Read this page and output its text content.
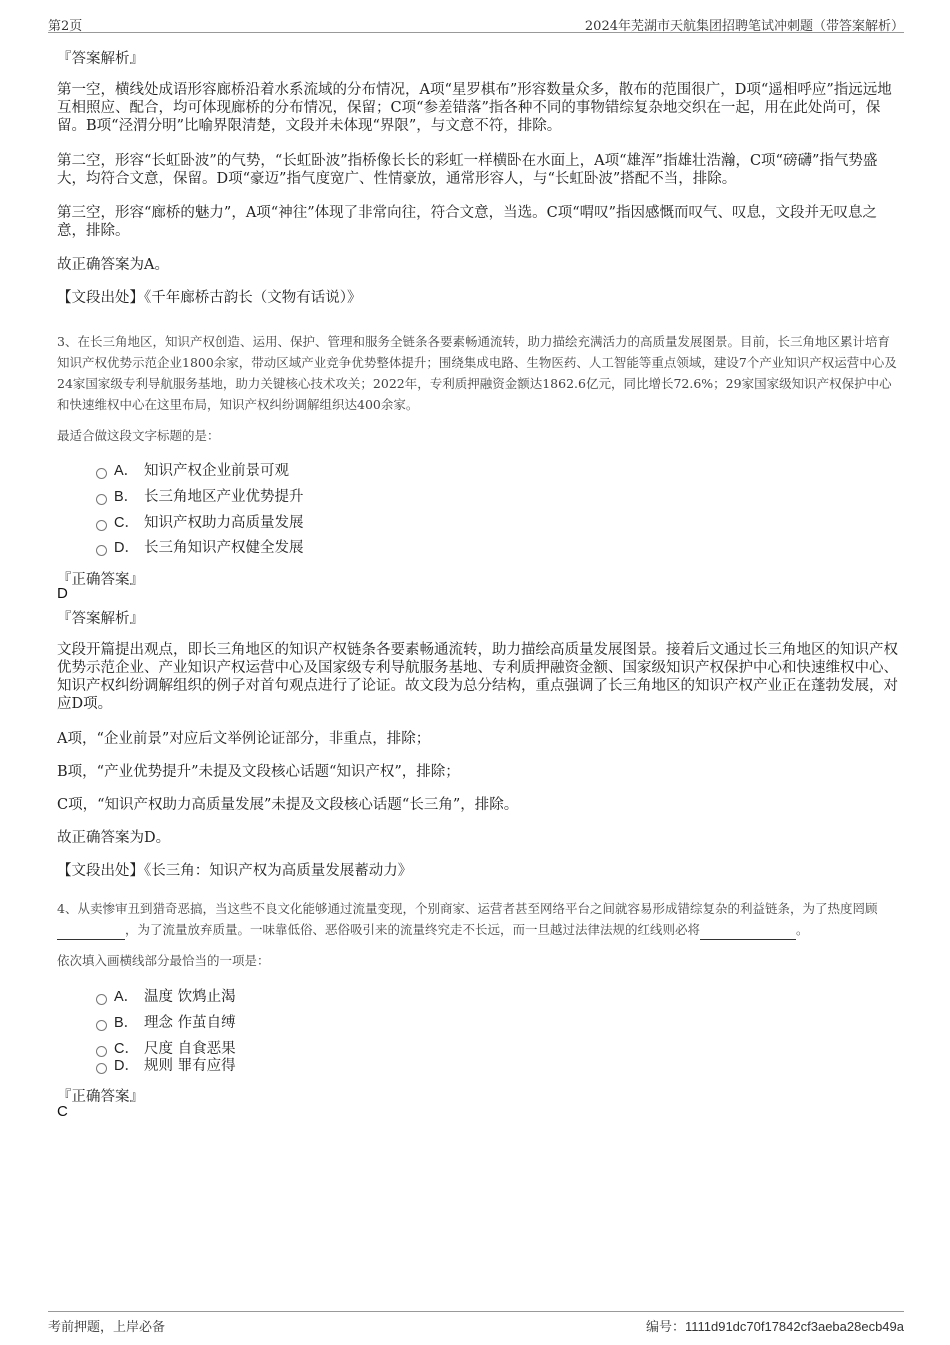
第2页	2024年芜湖市天航集团招聘笔试冲刺题（带答案解析）
『答案解析』

第一空，横线处成语形容廊桥沿着水系流域的分布情况，A项“星罗棋布”形容数量众多，散布的范围很广，D项“遥相呼应”指远远地互相照应、配合，均可体现廊桥的分布情况，保留；C项“参差错落”指各种不同的事物错综复杂地交织在一起，用在此处尚可，保留。B项“泾渭分明”比喻界限清楚，文段并未体现“界限”，与文意不符，排除。

第二空，形容“长虹卧波”的气势，“长虹卧波”指桥像长长的彩虹一样横卧在水面上，A项“雄浑”指雄壮浩瀚，C项“磅礴”指气势盛大，均符合文意，保留。D项“豪迈”指气度宽广、性情豪放，通常形容人，与“长虹卧波”搭配不当，排除。

第三空，形容“廊桥的魅力”，A项“神往”体现了非常向往，符合文意，当选。C项“喟叹”指因感慨而叹气、叹息，文段并无叹息之意，排除。

故正确答案为A。

【文段出处】《千年廊桥古韵长（文物有话说）》

3、在长三角地区，知识产权创造、运用、保护、管理和服务全链条各要素畅通流转，助力描绘充满活力的高质量发展图景。目前，长三角地区累计培育知识产权优势示范企业1800余家，带动区域产业竞争优势整体提升；围绕集成电路、生物医药、人工智能等重点领域，建设7个产业知识产权运营中心及24家国家级专利导航服务基地，助力关键核心技术攻关；2022年，专利质押融资金额达1862.6亿元，同比增长72.6%；29家国家级知识产权保护中心和快速维权中心在这里布局，知识产权纠纷调解组织达400余家。

最适合做这段文字标题的是：

A． 知识产权企业前景可观
B． 长三角地区产业优势提升
C． 知识产权助力高质量发展
D． 长三角知识产权健全发展
『正确答案』
D
『答案解析』

文段开篇提出观点，即长三角地区的知识产权链条各要素畅通流转，助力描绘高质量发展图景。接着后文通过长三角地区的知识产权优势示范企业、产业知识产权运营中心及国家级专利导航服务基地、专利质押融资金额、国家级知识产权保护中心和快速维权中心、知识产权纠纷调解组织的例子对首句观点进行了论证。故文段为总分结构，重点强调了长三角地区的知识产权产业正在蓬勃发展，对应D项。

A项，“企业前景”对应后文举例论证部分，非重点，排除；

B项，“产业优势提升”未提及文段核心话题“知识产权”，排除；

C项，“知识产权助力高质量发展”未提及文段核心话题“长三角”，排除。

故正确答案为D。

【文段出处】《长三角：知识产权为高质量发展蓄动力》

4、从卖惨审丑到猎奇恶搞，当这些不良文化能够通过流量变现，个别商家、运营者甚至网络平台之间就容易形成错综复杂的利益链条，为了热度罔顾，为了流量放弃质量。一味靠低俗、恶俗吸引来的流量终究走不长远，而一旦越过法律法规的红线则必将	。

依次填入画横线部分最恰当的一项是：

A． 温度 饮鸩止渴
B． 理念 作茧自缚
C． 尺度 自食恶果
D． 规则 罪有应得
『正确答案』
C
考前押题，上岸必备	编号：1111d91dc70f17842cf3aeba28ecb49a
